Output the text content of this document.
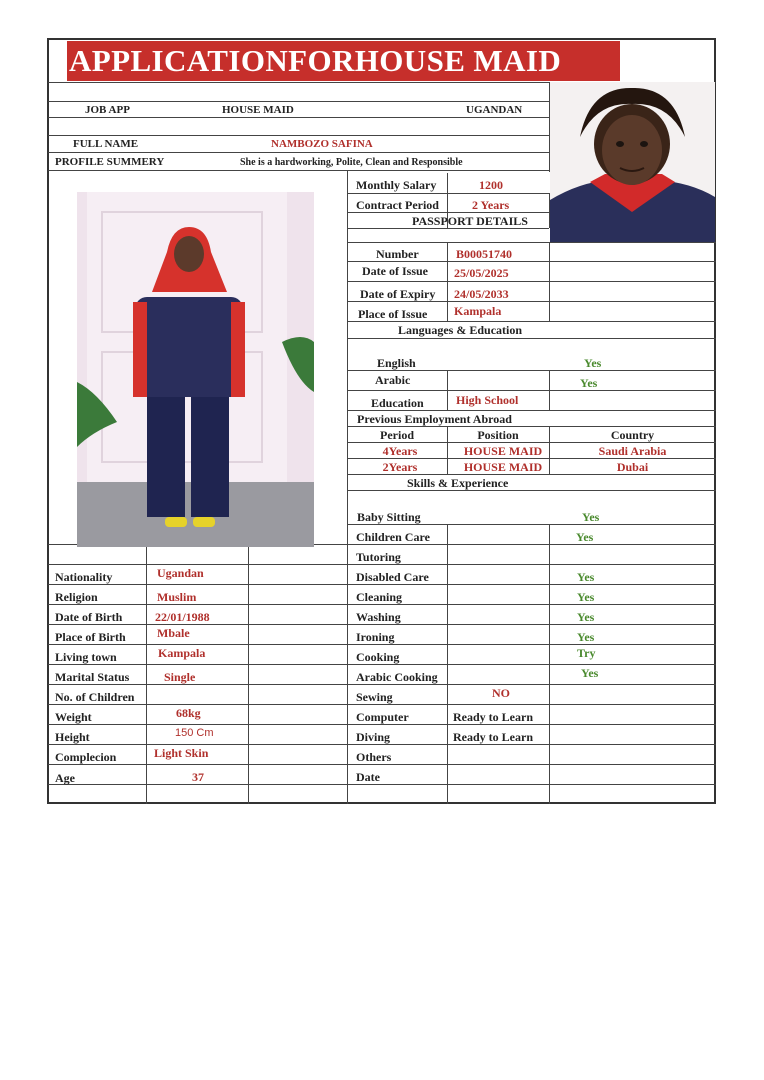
APPLICATIONFORHOUSE MAID
JOB APP	HOUSE MAID	UGANDAN
FULL NAME	NAMBOZO SAFINA
PROFILE SUMMERY	She is a hardworking, Polite, Clean and Responsible
Monthly Salary	1200
Contract Period	2 Years
PASSPORT DETAILS
Number	B00051740
Date of Issue 25/05/2025
Date of Expiry 24/05/2033
Place of Issue Kampala
Languages & Education
English	Yes
Arabic	Yes
Education	High School
Previous Employment Abroad
Period	Position	Country
4Years	HOUSE MAID	Saudi Arabia
2Years	HOUSE MAID	Dubai
Skills & Experience
Baby Sitting	Yes
Children Care	Yes
Tutoring
Disabled Care	Yes
Cleaning	Yes
Washing	Yes
Ironing	Yes
Cooking	Try
Arabic Cooking	Yes
Sewing	NO
Computer	Ready to Learn
Diving	Ready to Learn
Others
Date
Nationality	Ugandan
Religion	Muslim
Date of Birth	22/01/1988
Place of Birth	Mbale
Living town	Kampala
Marital Status	Single
No. of Children
Weight	68kg
Height	150 Cm
Complecion	Light Skin
Age	37
